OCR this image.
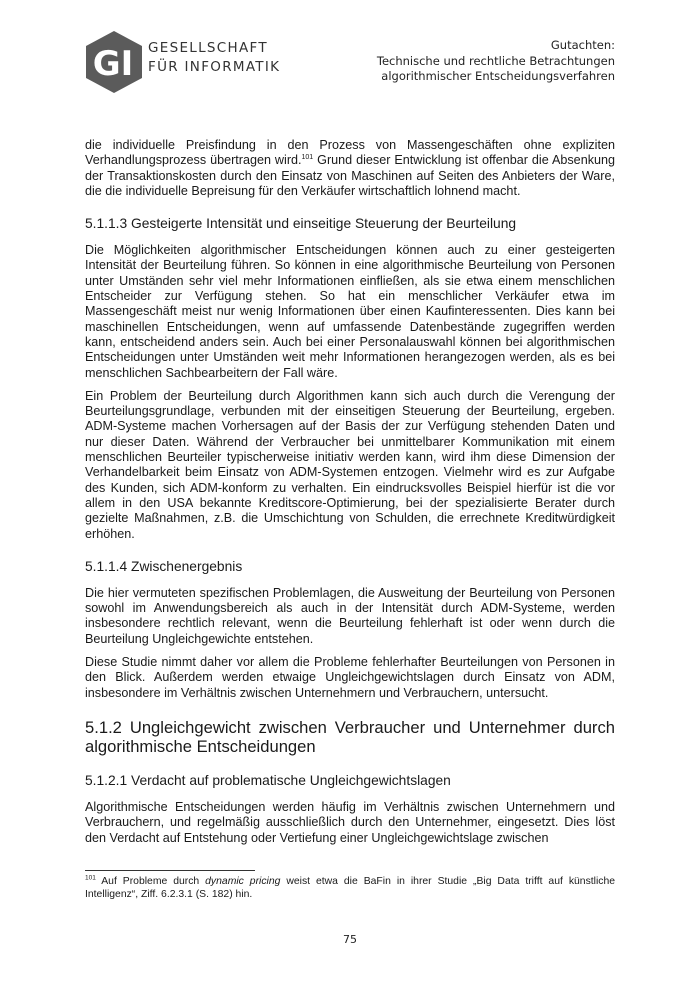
GI GESELLSCHAFT
FÜR INFORMATIK
Gutachten:
Technische und rechtliche Betrachtungen
algorithmischer Entscheidungsverfahren

die individuelle Preisfindung in den Prozess von Massengeschäften ohne expliziten Verhandlungsprozess übertragen wird.$^{101}$ Grund dieser Entwicklung ist offenbar die Absenkung der Transaktionskosten durch den Einsatz von Maschinen auf Seiten des Anbieters der Ware, die die individuelle Bepreisung für den Verkäufer wirtschaftlich lohnend macht.

5.1.1.3 Gesteigerte Intensität und einseitige Steuerung der Beurteilung

Die Möglichkeiten algorithmischer Entscheidungen können auch zu einer gesteigerten Intensität der Beurteilung führen. So können in eine algorithmische Beurteilung von Personen unter Umständen sehr viel mehr Informationen einfließen, als sie etwa einem menschlichen Entscheider zur Verfügung stehen. So hat ein menschlicher Verkäufer etwa im Massengeschäft meist nur wenig Informationen über einen Kaufinteressenten. Dies kann bei maschinellen Entscheidungen, wenn auf umfassende Datenbestände zugegriffen werden kann, entscheidend anders sein. Auch bei einer Personalauswahl können bei algorithmischen Entscheidungen unter Umständen weit mehr Informationen herangezogen werden, als es bei menschlichen Sachbearbeitern der Fall wäre.

Ein Problem der Beurteilung durch Algorithmen kann sich auch durch die Verengung der Beurteilungsgrundlage, verbunden mit der einseitigen Steuerung der Beurteilung, ergeben. ADM-Systeme machen Vorhersagen auf der Basis der zur Verfügung stehenden Daten und nur dieser Daten. Während der Verbraucher bei unmittelbarer Kommunikation mit einem menschlichen Beurteiler typischerweise initiativ werden kann, wird ihm diese Dimension der Verhandelbarkeit beim Einsatz von ADM-Systemen entzogen. Vielmehr wird es zur Aufgabe des Kunden, sich ADM-konform zu verhalten. Ein eindrucksvolles Beispiel hierfür ist die vor allem in den USA bekannte Kreditscore-Optimierung, bei der spezialisierte Berater durch gezielte Maßnahmen, z.B. die Umschichtung von Schulden, die errechnete Kreditwürdigkeit erhöhen.

5.1.1.4 Zwischenergebnis

Die hier vermuteten spezifischen Problemlagen, die Ausweitung der Beurteilung von Personen sowohl im Anwendungsbereich als auch in der Intensität durch ADM-Systeme, werden insbesondere rechtlich relevant, wenn die Beurteilung fehlerhaft ist oder wenn durch die Beurteilung Ungleichgewichte entstehen.

Diese Studie nimmt daher vor allem die Probleme fehlerhafter Beurteilungen von Personen in den Blick. Außerdem werden etwaige Ungleichgewichtslagen durch Einsatz von ADM, insbesondere im Verhältnis zwischen Unternehmern und Verbrauchern, untersucht.

5.1.2 Ungleichgewicht zwischen Verbraucher und Unternehmer durch algorithmische Entscheidungen
5.1.2.1 Verdacht auf problematische Ungleichgewichtslagen

Algorithmische Entscheidungen werden häufig im Verhältnis zwischen Unternehmern und Verbrauchern, und regelmäßig ausschließlich durch den Unternehmer, eingesetzt. Dies löst den Verdacht auf Entstehung oder Vertiefung einer Ungleichgewichtslage zwischen

$^{101}$ Auf Probleme durch dynamic pricing weist etwa die BaFin in ihrer Studie „Big Data trifft auf künstliche Intelligenz“, Ziff. 6.2.3.1 (S. 182) hin.
75
